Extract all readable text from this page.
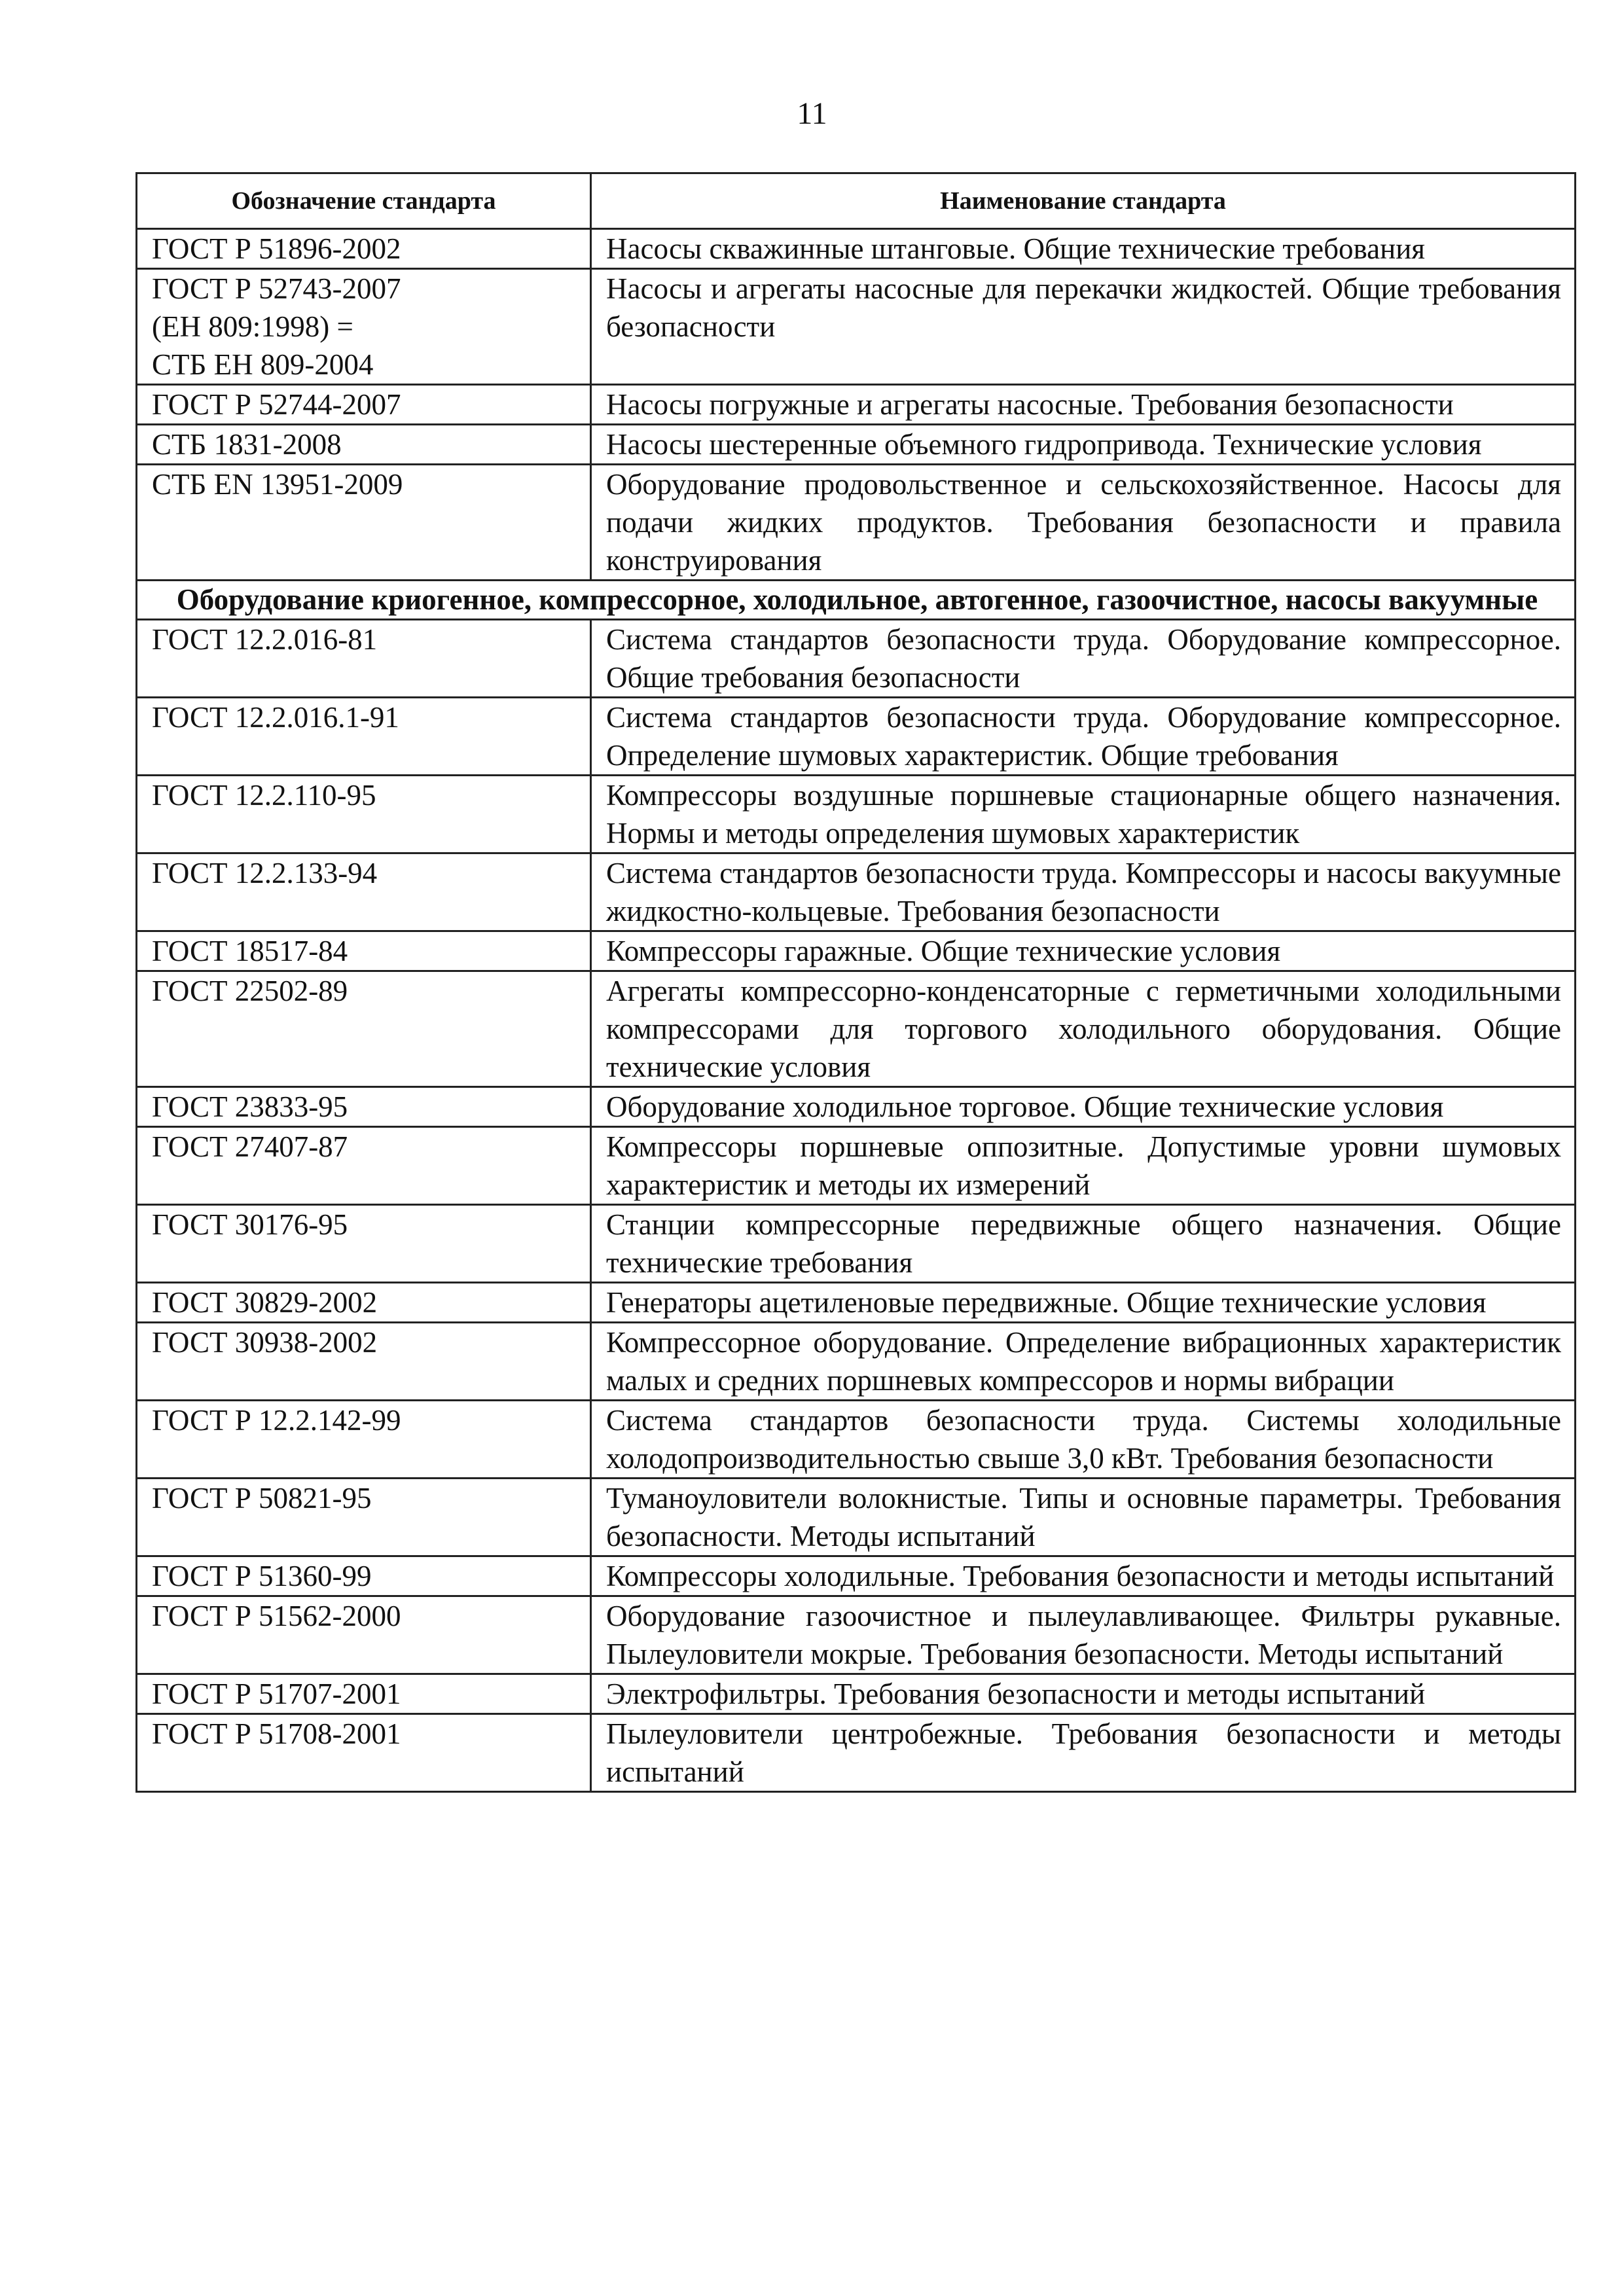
11
Обозначение стандарта	Наименование стандарта
ГОСТ Р 51896-2002	Насосы скважинные штанговые. Общие технические требования
ГОСТ Р 52743-2007
(ЕН 809:1998) =
СТБ ЕН 809-2004	Насосы и агрегаты насосные для перекачки жидкостей. Общие требования безопасности
ГОСТ Р 52744-2007	Насосы погружные и агрегаты насосные. Требования безопасности
СТБ 1831-2008	Насосы шестеренные объемного гидропривода. Технические условия
СТБ EN 13951-2009	Оборудование продовольственное и сельскохозяйственное. Насосы для подачи жидких продуктов. Требования безопасности и правила конструирования
Оборудование криогенное, компрессорное, холодильное, автогенное, газоочистное, насосы вакуумные	
ГОСТ 12.2.016-81	Система стандартов безопасности труда. Оборудование компрессорное. Общие требования безопасности
ГОСТ 12.2.016.1-91	Система стандартов безопасности труда. Оборудование компрессорное. Определение шумовых характеристик. Общие требования
ГОСТ 12.2.110-95	Компрессоры воздушные поршневые стационарные общего назначения. Нормы и методы определения шумовых характеристик
ГОСТ 12.2.133-94	Система стандартов безопасности труда. Компрессоры и насосы вакуумные жидкостно-кольцевые. Требования безопасности
ГОСТ 18517-84	Компрессоры гаражные. Общие технические условия
ГОСТ 22502-89	Агрегаты компрессорно-конденсаторные с герметичными холодильными компрессорами для торгового холодильного оборудования. Общие технические условия
ГОСТ 23833-95	Оборудование холодильное торговое. Общие технические условия
ГОСТ 27407-87	Компрессоры поршневые оппозитные. Допустимые уровни шумовых характеристик и методы их измерений
ГОСТ 30176-95	Станции компрессорные передвижные общего назначения. Общие технические требования
ГОСТ 30829-2002	Генераторы ацетиленовые передвижные. Общие технические условия
ГОСТ 30938-2002	Компрессорное оборудование. Определение вибрационных характеристик малых и средних поршневых компрессоров и нормы вибрации
ГОСТ Р 12.2.142-99	Система стандартов безопасности труда. Системы холодильные холодопроизводительностью свыше 3,0 кВт. Требования безопасности
ГОСТ Р 50821-95	Туманоуловители волокнистые. Типы и основные параметры. Требования безопасности. Методы испытаний
ГОСТ Р 51360-99	Компрессоры холодильные. Требования безопасности и методы испытаний
ГОСТ Р 51562-2000	Оборудование газоочистное и пылеулавливающее. Фильтры рукавные. Пылеуловители мокрые. Требования безопасности. Методы испытаний
ГОСТ Р 51707-2001	Электрофильтры. Требования безопасности и методы испытаний
ГОСТ Р 51708-2001	Пылеуловители центробежные. Требования безопасности и методы испытаний
